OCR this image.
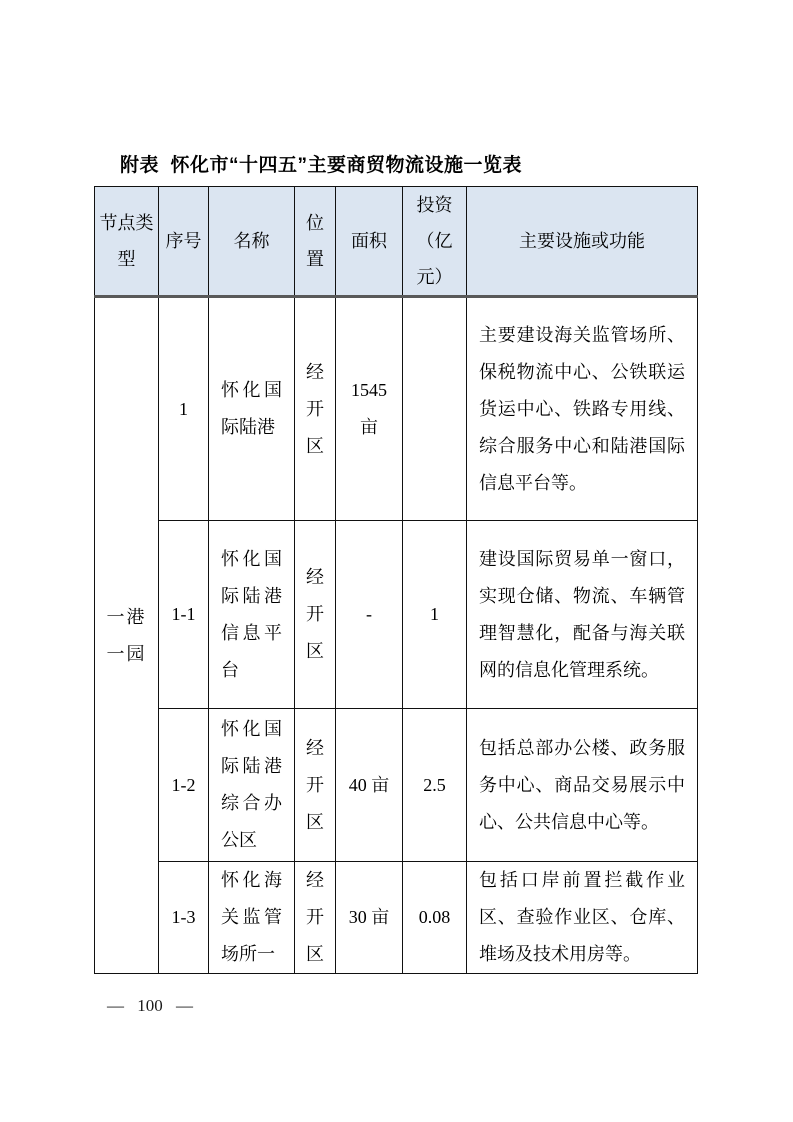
附表  怀化市“十四五”主要商贸物流设施一览表
节点类型	序号	名称	位置	面积	投资（亿元）	主要设施或功能
一港一园	1	怀化国际陆港	经开区	1545 亩		主要建设海关监管场所、保税物流中心、公铁联运货运中心、铁路专用线、综合服务中心和陆港国际信息平台等。
	1-1	怀化国际陆港信息平台	经开区	-	1	建设国际贸易单一窗口，实现仓储、物流、车辆管理智慧化，配备与海关联网的信息化管理系统。
	1-2	怀化国际陆港综合办公区	经开区	40 亩	2.5	包括总部办公楼、政务服务中心、商品交易展示中心、公共信息中心等。
	1-3	怀化海关监管场所一	经开区	30 亩	0.08	包括口岸前置拦截作业区、查验作业区、仓库、堆场及技术用房等。
— 100 —
